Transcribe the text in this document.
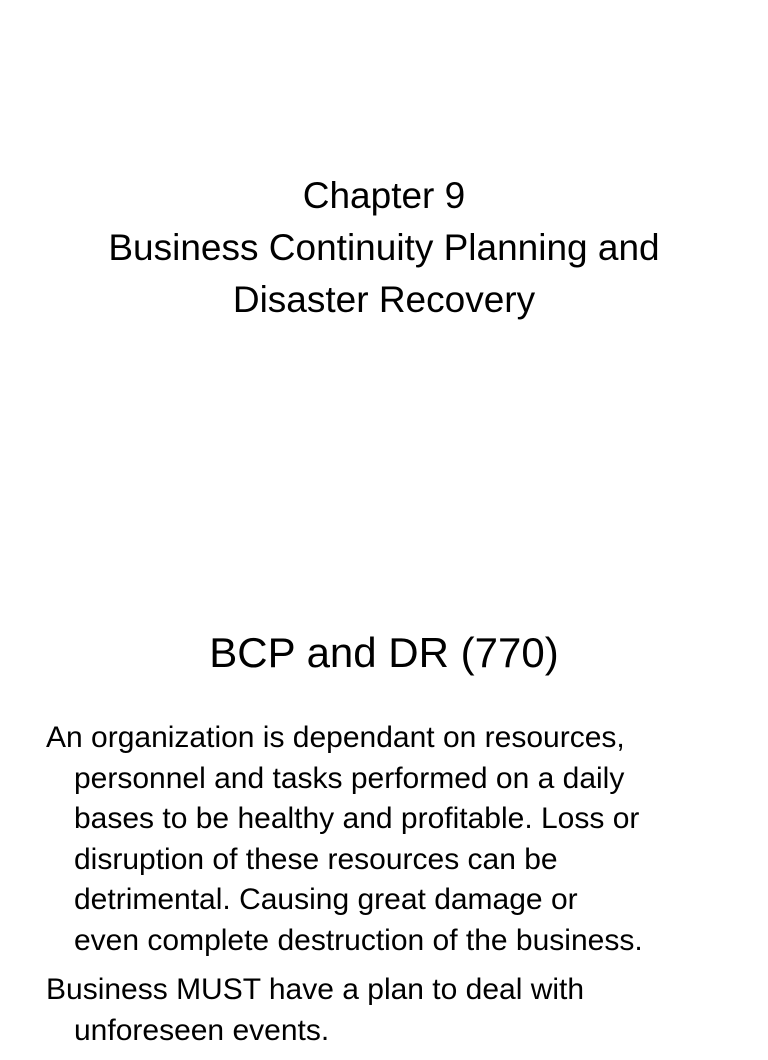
Chapter 9
Business Continuity Planning and
Disaster Recovery
BCP and DR (770)

An organization is dependant on resources,
personnel and tasks performed on a daily
bases to be healthy and profitable. Loss or
disruption of these resources can be
detrimental. Causing great damage or
even complete destruction of the business.

Business MUST have a plan to deal with
unforeseen events.
